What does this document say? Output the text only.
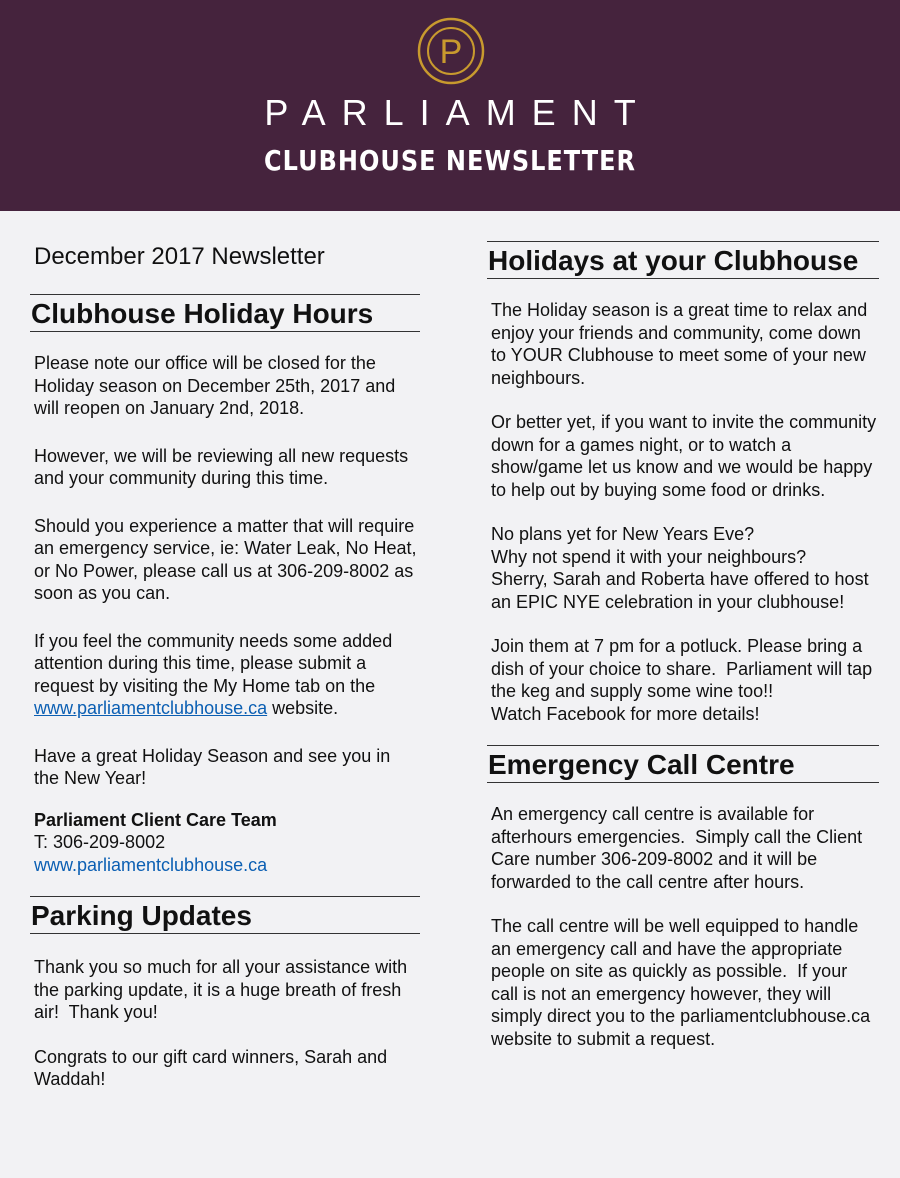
P
PARLIAMENT
CLUBHOUSE NEWSLETTER
December 2017 Newsletter
Clubhouse Holiday Hours

Please note our office will be closed for the Holiday season on December 25th, 2017 and will reopen on January 2nd, 2018.

However, we will be reviewing all new requests and your community during this time.

Should you experience a matter that will require an emergency service, ie: Water Leak, No Heat, or No Power, please call us at 306-209-8002 as soon as you can.

If you feel the community needs some added attention during this time, please submit a request by visiting the My Home tab on the www.parliamentclubhouse.ca website.

Have a great Holiday Season and see you in the New Year!

Parliament Client Care Team

T: 306-209-8002

www.parliamentclubhouse.ca

Parking Updates

Thank you so much for all your assistance with the parking update, it is a huge breath of fresh air!  Thank you!

Congrats to our gift card winners, Sarah and Waddah!

Holidays at your Clubhouse

The Holiday season is a great time to relax and enjoy your friends and community, come down to YOUR Clubhouse to meet some of your new neighbours.

Or better yet, if you want to invite the community down for a games night, or to watch a show/game let us know and we would be happy to help out by buying some food or drinks.

No plans yet for New Years Eve?
Why not spend it with your neighbours?
Sherry, Sarah and Roberta have offered to host an EPIC NYE celebration in your clubhouse!

Join them at 7 pm for a potluck. Please bring a dish of your choice to share.  Parliament will tap the keg and supply some wine too!!
Watch Facebook for more details!

Emergency Call Centre

An emergency call centre is available for afterhours emergencies.  Simply call the Client Care number 306-209-8002 and it will be forwarded to the call centre after hours.

The call centre will be well equipped to handle an emergency call and have the appropriate people on site as quickly as possible.  If your call is not an emergency however, they will simply direct you to the parliamentclubhouse.ca website to submit a request.
